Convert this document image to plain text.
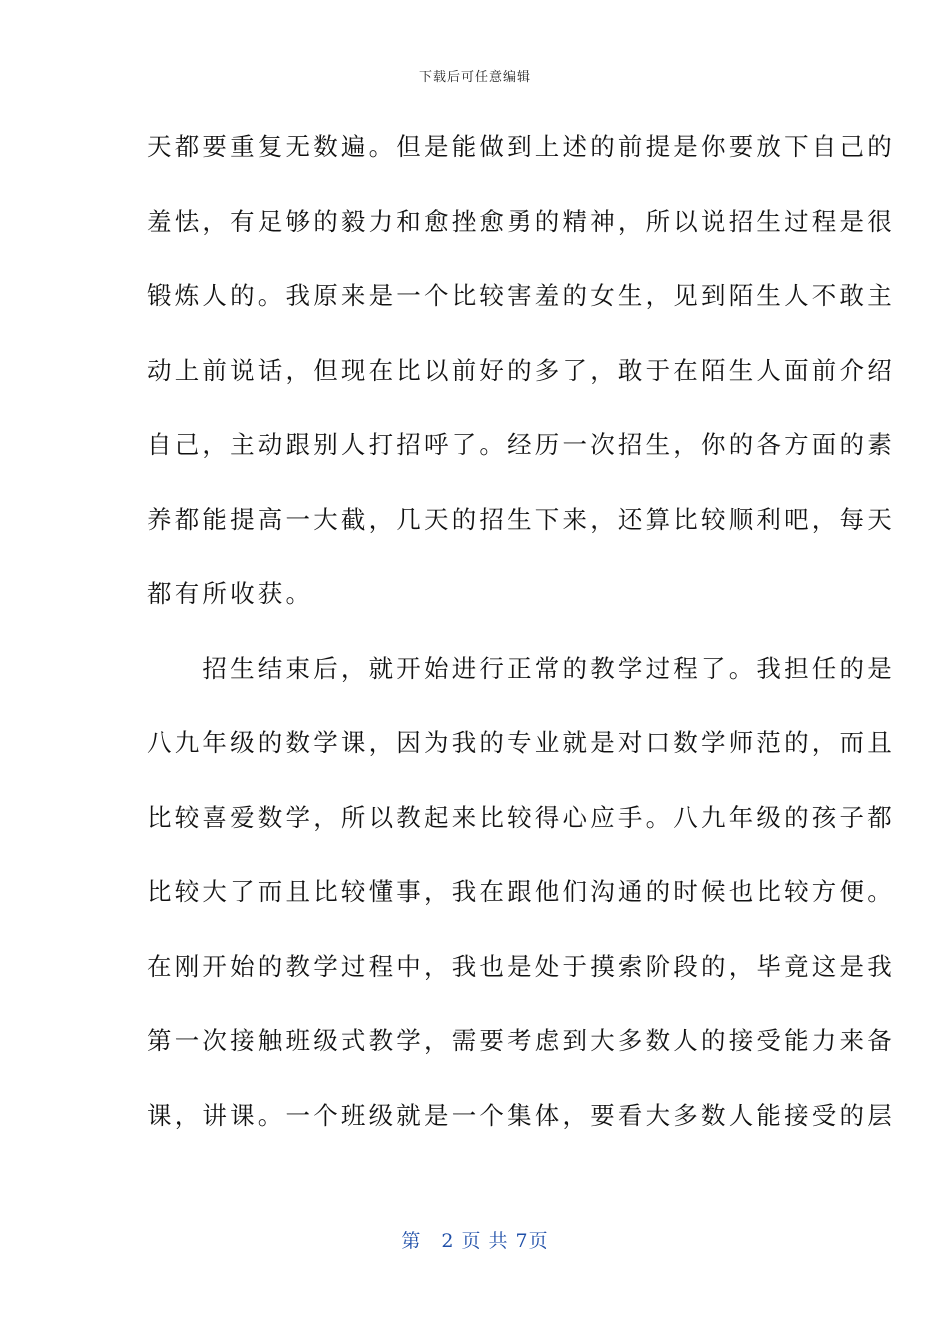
下载后可任意编辑
天都要重复无数遍。但是能做到上述的前提是你要放下自己的
羞怯，有足够的毅力和愈挫愈勇的精神，所以说招生过程是很
锻炼人的。我原来是一个比较害羞的女生，见到陌生人不敢主
动上前说话，但现在比以前好的多了，敢于在陌生人面前介绍
自己，主动跟别人打招呼了。经历一次招生，你的各方面的素
养都能提高一大截，几天的招生下来，还算比较顺利吧，每天
都有所收获。
　　招生结束后，就开始进行正常的教学过程了。我担任的是
八九年级的数学课，因为我的专业就是对口数学师范的，而且
比较喜爱数学，所以教起来比较得心应手。八九年级的孩子都
比较大了而且比较懂事，我在跟他们沟通的时候也比较方便。
在刚开始的教学过程中，我也是处于摸索阶段的，毕竟这是我
第一次接触班级式教学，需要考虑到大多数人的接受能力来备
课，讲课。一个班级就是一个集体，要看大多数人能接受的层
第　2 页 共 7页
